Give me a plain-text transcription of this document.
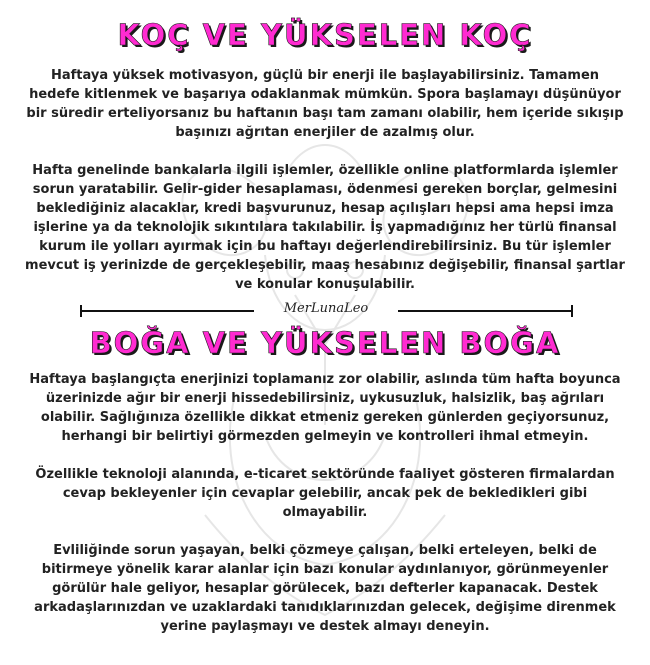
KOÇ VE YÜKSELEN KOÇ

Haftaya yüksek motivasyon, güçlü bir enerji ile başlayabilirsiniz. Tamamen hedefe kitlenmek ve başarıya odaklanmak mümkün. Spora başlamayı düşünüyor bir süredir erteliyorsanız bu haftanın başı tam zamanı olabilir, hem içeride sıkışıp başınızı ağrıtan enerjiler de azalmış olur.

Hafta genelinde bankalarla ilgili işlemler, özellikle online platformlarda işlemler sorun yaratabilir. Gelir-gider hesaplaması, ödenmesi gereken borçlar, gelmesini beklediğiniz alacaklar, kredi başvurunuz, hesap açılışları hepsi ama hepsi imza işlerine ya da teknolojik sıkıntılara takılabilir. İş yapmadığınız her türlü finansal kurum ile yolları ayırmak için bu haftayı değerlendirebilirsiniz. Bu tür işlemler mevcut iş yerinizde de gerçekleşebilir, maaş hesabınız değişebilir, finansal şartlar ve konular konuşulabilir.

MerLunaLeo
BOĞA VE YÜKSELEN BOĞA

Haftaya başlangıçta enerjinizi toplamanız zor olabilir, aslında tüm hafta boyunca üzerinizde ağır bir enerji hissedebilirsiniz, uykusuzluk, halsizlik, baş ağrıları olabilir. Sağlığınıza özellikle dikkat etmeniz gereken günlerden geçiyorsunuz, herhangi bir belirtiyi görmezden gelmeyin ve kontrolleri ihmal etmeyin.

Özellikle teknoloji alanında, e-ticaret sektöründe faaliyet gösteren firmalardan cevap bekleyenler için cevaplar gelebilir, ancak pek de bekledikleri gibi olmayabilir.

Evliliğinde sorun yaşayan, belki çözmeye çalışan, belki erteleyen, belki de bitirmeye yönelik karar alanlar için bazı konular aydınlanıyor, görünmeyenler görülür hale geliyor, hesaplar görülecek, bazı defterler kapanacak. Destek arkadaşlarınızdan ve uzaklardaki tanıdıklarınızdan gelecek, değişime direnmek yerine paylaşmayı ve destek almayı deneyin.
